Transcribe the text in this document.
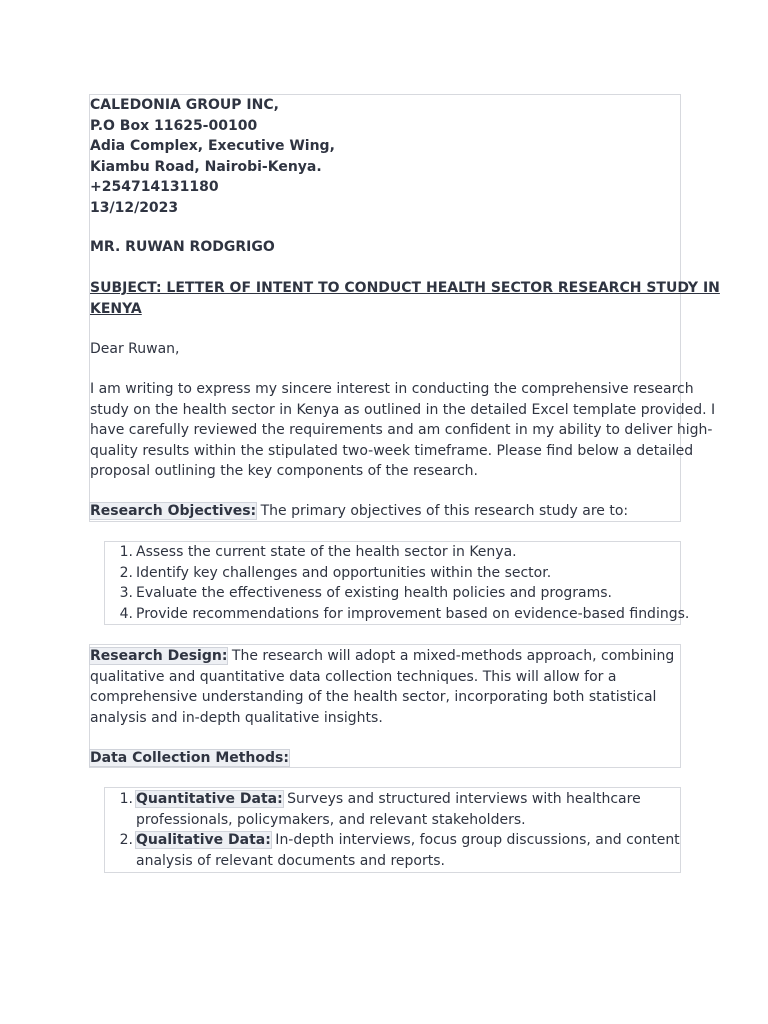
CALEDONIA GROUP INC,
P.O Box 11625-00100
Adia Complex, Executive Wing,
Kiambu Road, Nairobi-Kenya.
+254714131180
13/12/2023
MR. RUWAN RODGRIGO
SUBJECT: LETTER OF INTENT TO CONDUCT HEALTH SECTOR RESEARCH STUDY IN
KENYA
Dear Ruwan,
I am writing to express my sincere interest in conducting the comprehensive research
study on the health sector in Kenya as outlined in the detailed Excel template provided. I
have carefully reviewed the requirements and am confident in my ability to deliver high-
quality results within the stipulated two-week timeframe. Please find below a detailed
proposal outlining the key components of the research.
Research Objectives: The primary objectives of this research study are to:
1. Assess the current state of the health sector in Kenya.
2. Identify key challenges and opportunities within the sector.
3. Evaluate the effectiveness of existing health policies and programs.
4. Provide recommendations for improvement based on evidence-based findings.
Research Design: The research will adopt a mixed-methods approach, combining
qualitative and quantitative data collection techniques. This will allow for a
comprehensive understanding of the health sector, incorporating both statistical
analysis and in-depth qualitative insights.
Data Collection Methods:
1. Quantitative Data: Surveys and structured interviews with healthcare
professionals, policymakers, and relevant stakeholders.
2. Qualitative Data: In-depth interviews, focus group discussions, and content
analysis of relevant documents and reports.
